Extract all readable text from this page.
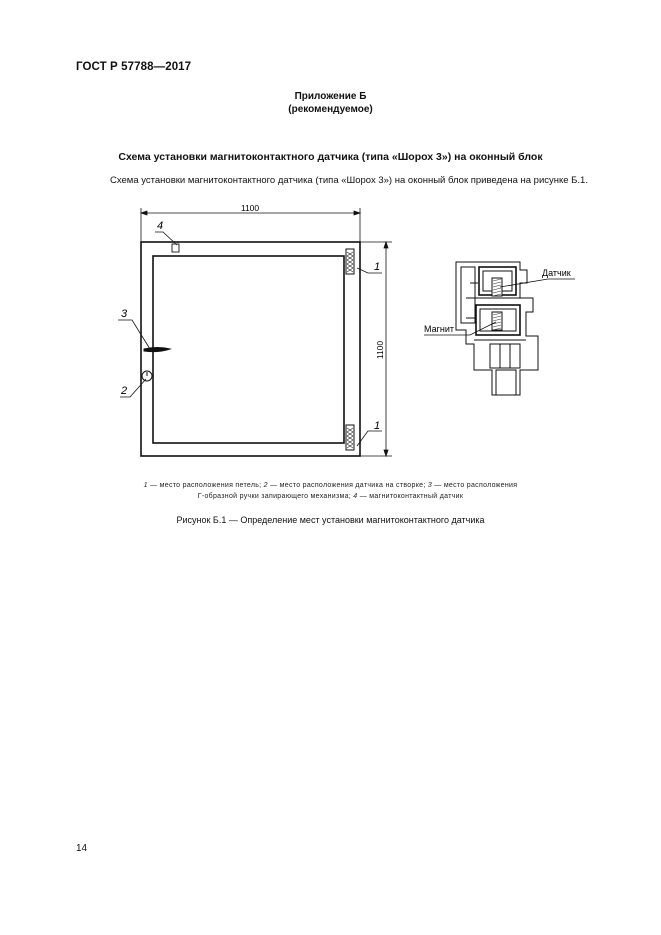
ГОСТ Р 57788—2017
Приложение Б
(рекомендуемое)
Схема установки магнитоконтактного датчика (типа «Шорох 3») на оконный блок
Схема установки магнитоконтактного датчика (типа «Шорох 3») на оконный блок приведена на рисунке Б.1.
1100
1100
1
1
4
3
2
Датчик
Магнит
1 — место расположения петель; 2 — место расположения датчика на створке; 3 — место расположения
Г-образной ручки запирающего механизма; 4 — магнитоконтактный датчик
Рисунок Б.1 — Определение мест установки магнитоконтактного датчика
14
